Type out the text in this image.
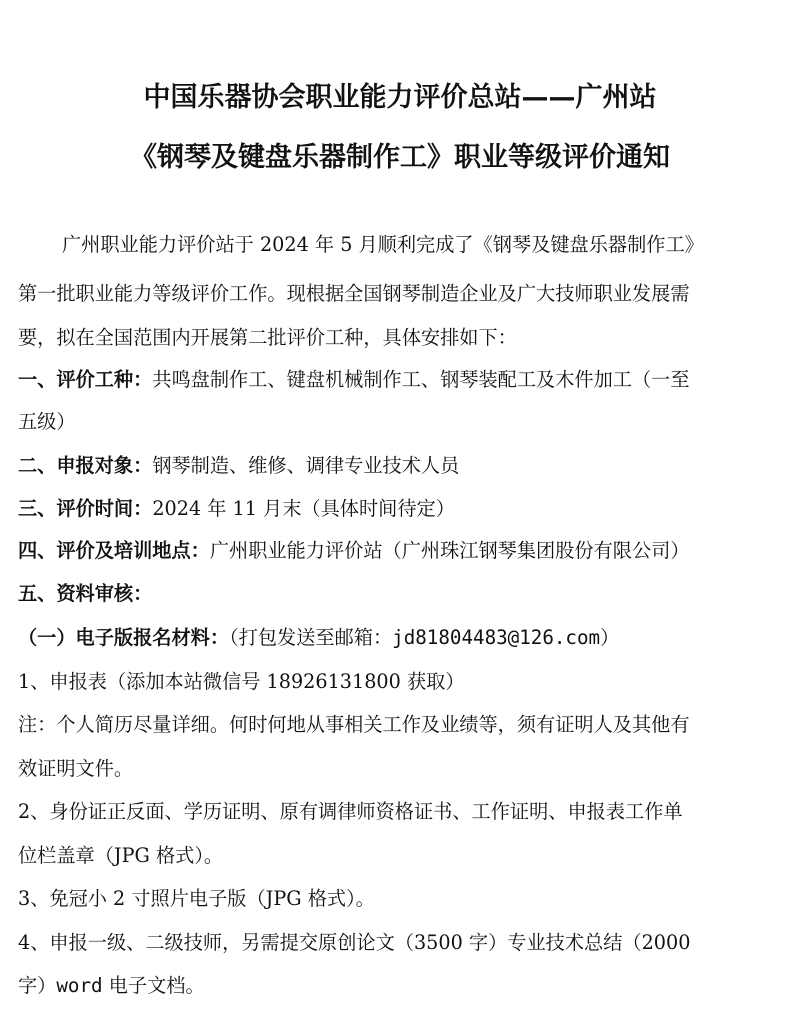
中国乐器协会职业能力评价总站——广州站
《钢琴及键盘乐器制作工》职业等级评价通知
广州职业能力评价站于 2024 年 5 月顺利完成了《钢琴及键盘乐器制作工》
第一批职业能力等级评价工作。现根据全国钢琴制造企业及广大技师职业发展需
要，拟在全国范围内开展第二批评价工种，具体安排如下：
一、评价工种：共鸣盘制作工、键盘机械制作工、钢琴装配工及木件加工（一至
五级）
二、申报对象：钢琴制造、维修、调律专业技术人员
三、评价时间：2024 年 11 月末（具体时间待定）
四、评价及培训地点：广州职业能力评价站（广州珠江钢琴集团股份有限公司）
五、资料审核：
（一）电子版报名材料：（打包发送至邮箱：jd81804483@126.com）
1、申报表（添加本站微信号 18926131800 获取）
注：个人简历尽量详细。何时何地从事相关工作及业绩等，须有证明人及其他有
效证明文件。
2、身份证正反面、学历证明、原有调律师资格证书、工作证明、申报表工作单
位栏盖章（JPG 格式）。
3、免冠小 2 寸照片电子版（JPG 格式）。
4、申报一级、二级技师，另需提交原创论文（3500 字）专业技术总结（2000
字）word 电子文档。
